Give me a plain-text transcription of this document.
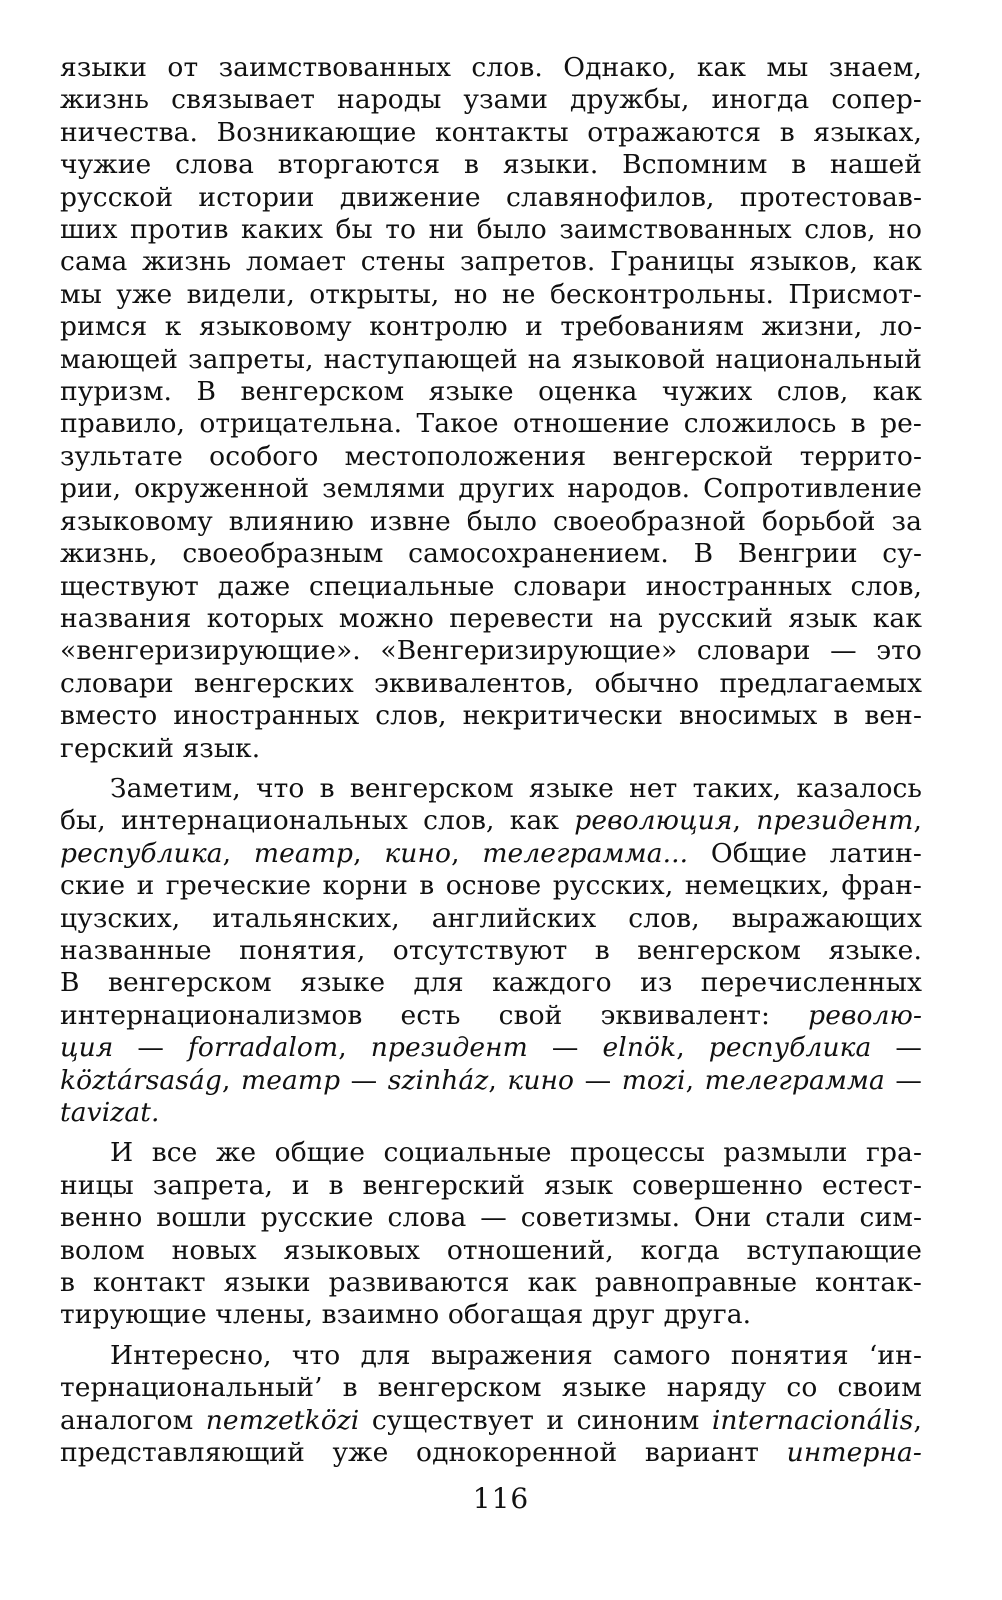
языки от заимствованных слов. Однако, как мы знаем,
жизнь связывает народы узами дружбы, иногда сопер-
ничества. Возникающие контакты отражаются в языках,
чужие слова вторгаются в языки. Вспомним в нашей
русской истории движение славянофилов, протестовав-
ших против каких бы то ни было заимствованных слов, но
сама жизнь ломает стены запретов. Границы языков, как
мы уже видели, открыты, но не бесконтрольны. Присмот-
римся к языковому контролю и требованиям жизни, ло-
мающей запреты, наступающей на языковой национальный
пуризм. В венгерском языке оценка чужих слов, как
правило, отрицательна. Такое отношение сложилось в ре-
зультате особого местоположения венгерской террито-
рии, окруженной землями других народов. Сопротивление
языковому влиянию извне было своеобразной борьбой за
жизнь, своеобразным самосохранением. В Венгрии су-
ществуют даже специальные словари иностранных слов,
названия которых можно перевести на русский язык как
«венгеризирующие». «Венгеризирующие» словари — это
словари венгерских эквивалентов, обычно предлагаемых
вместо иностранных слов, некритически вносимых в вен-
герский язык.

Заметим, что в венгерском языке нет таких, казалось
бы, интернациональных слов, как революция, президент,
республика, театр, кино, телеграмма... Общие латин-
ские и греческие корни в основе русских, немецких, фран-
цузских, итальянских, английских слов, выражающих
названные понятия, отсутствуют в венгерском языке.
В венгерском языке для каждого из перечисленных
интернационализмов есть свой эквивалент: револю-
ция — forradalom, президент — elnök, республика —
köztársaság, театр — szinház, кино — mozi, телеграмма —
tavizat.

И все же общие социальные процессы размыли гра-
ницы запрета, и в венгерский язык совершенно естест-
венно вошли русские слова — советизмы. Они стали сим-
волом новых языковых отношений, когда вступающие
в контакт языки развиваются как равноправные контак-
тирующие члены, взаимно обогащая друг друга.

Интересно, что для выражения самого понятия ‘ин-
тернациональный’ в венгерском языке наряду со своим
аналогом nemzetközi существует и синоним internacionális,
представляющий уже однокоренной вариант интерна-

116
